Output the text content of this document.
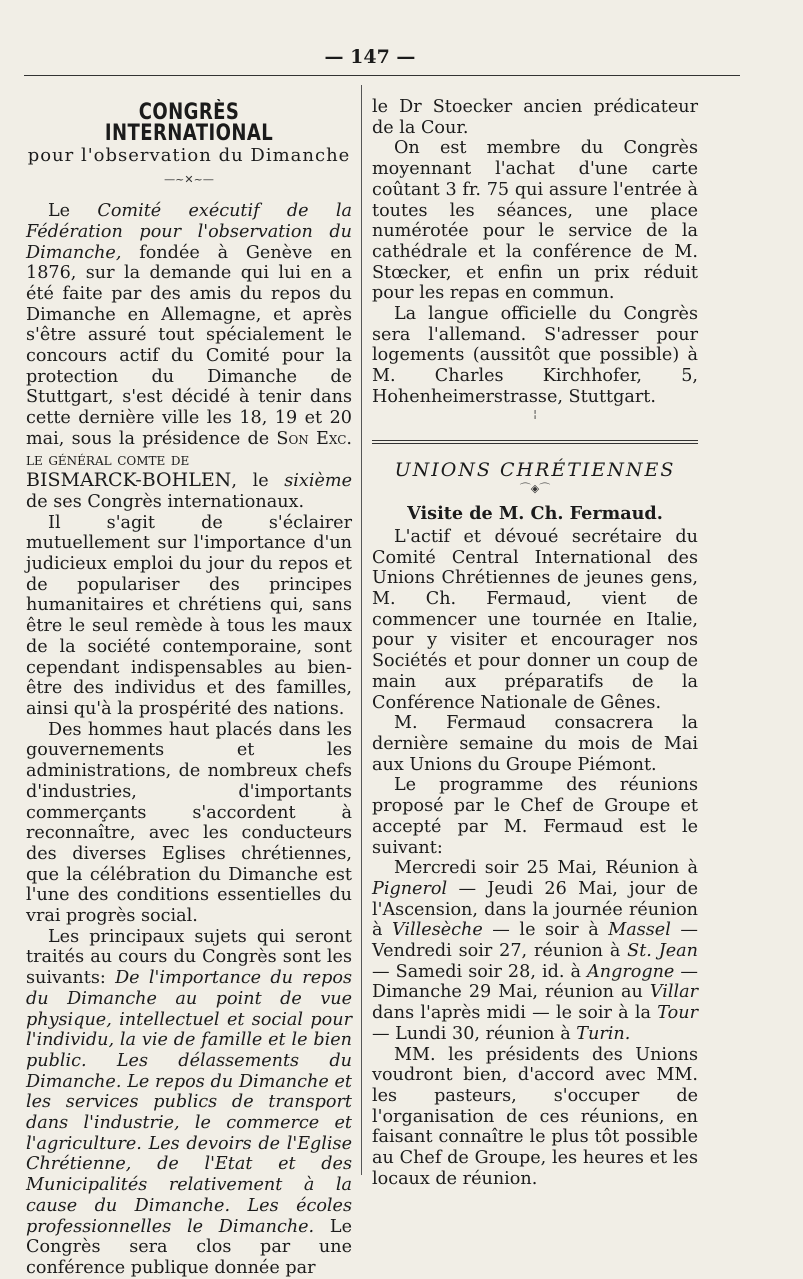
— 147 —
CONGRÈS INTERNATIONAL
pour l'observation du Dimanche
—~✕~—

Le Comité exécutif de la Fédération pour l'observation du Dimanche, fondée à Genève en 1876, sur la demande qui lui en a été faite par des amis du repos du Dimanche en Allemagne, et après s'être assuré tout spécialement le concours actif du Comité pour la protection du Dimanche de Stuttgart, s'est décidé à tenir dans cette dernière ville les 18, 19 et 20 mai, sous la présidence de Son Exc. le général comte de
BISMARCK-BOHLEN, le sixième de ses Congrès internationaux.

Il s'agit de s'éclairer mutuellement sur l'importance d'un judicieux emploi du jour du repos et de populariser des principes humanitaires et chrétiens qui, sans être le seul remède à tous les maux de la société contemporaine, sont cependant indispensables au bien-être des individus et des familles, ainsi qu'à la prospérité des nations.

Des hommes haut placés dans les gouvernements et les administrations, de nombreux chefs d'industries, d'importants commerçants s'accordent à reconnaître, avec les conducteurs des diverses Eglises chrétiennes, que la célébration du Dimanche est l'une des conditions essentielles du vrai progrès social.

Les principaux sujets qui seront traités au cours du Congrès sont les suivants: De l'importance du repos du Dimanche au point de vue physique, intellectuel et social pour l'individu, la vie de famille et le bien public. Les délassements du Dimanche. Le repos du Dimanche et les services publics de transport dans l'industrie, le commerce et l'agriculture. Les devoirs de l'Eglise Chrétienne, de l'Etat et des Municipalités relativement à la cause du Dimanche. Les écoles professionnelles le Dimanche. Le Congrès sera clos par une conférence publique donnée par

le Dr Stoecker ancien prédicateur de la Cour.

On est membre du Congrès moyennant l'achat d'une carte coûtant 3 fr. 75 qui assure l'entrée à toutes les séances, une place numérotée pour le service de la cathédrale et la conférence de M. Stœcker, et enfin un prix réduit pour les repas en commun.

La langue officielle du Congrès sera l'allemand. S'adresser pour logements (aussitôt que possible) à M. Charles Kirchhofer, 5, Hohenheimerstrasse, Stuttgart.

¦
UNIONS CHRÉTIENNES
⌒◈⌒
Visite de M. Ch. Fermaud.

L'actif et dévoué secrétaire du Comité Central International des Unions Chrétiennes de jeunes gens, M. Ch. Fermaud, vient de commencer une tournée en Italie, pour y visiter et encourager nos Sociétés et pour donner un coup de main aux préparatifs de la Conférence Nationale de Gênes.

M. Fermaud consacrera la dernière semaine du mois de Mai aux Unions du Groupe Piémont.

Le programme des réunions proposé par le Chef de Groupe et accepté par M. Fermaud est le suivant:

Mercredi soir 25 Mai, Réunion à Pignerol — Jeudi 26 Mai, jour de l'Ascension, dans la journée réunion à Villesèche — le soir à Massel — Vendredi soir 27, réunion à St. Jean — Samedi soir 28, id. à Angrogne — Dimanche 29 Mai, réunion au Villar dans l'après midi — le soir à la Tour — Lundi 30, réunion à Turin.

MM. les présidents des Unions voudront bien, d'accord avec MM. les pasteurs, s'occuper de l'organisation de ces réunions, en faisant connaître le plus tôt possible au Chef de Groupe, les heures et les locaux de réunion.
